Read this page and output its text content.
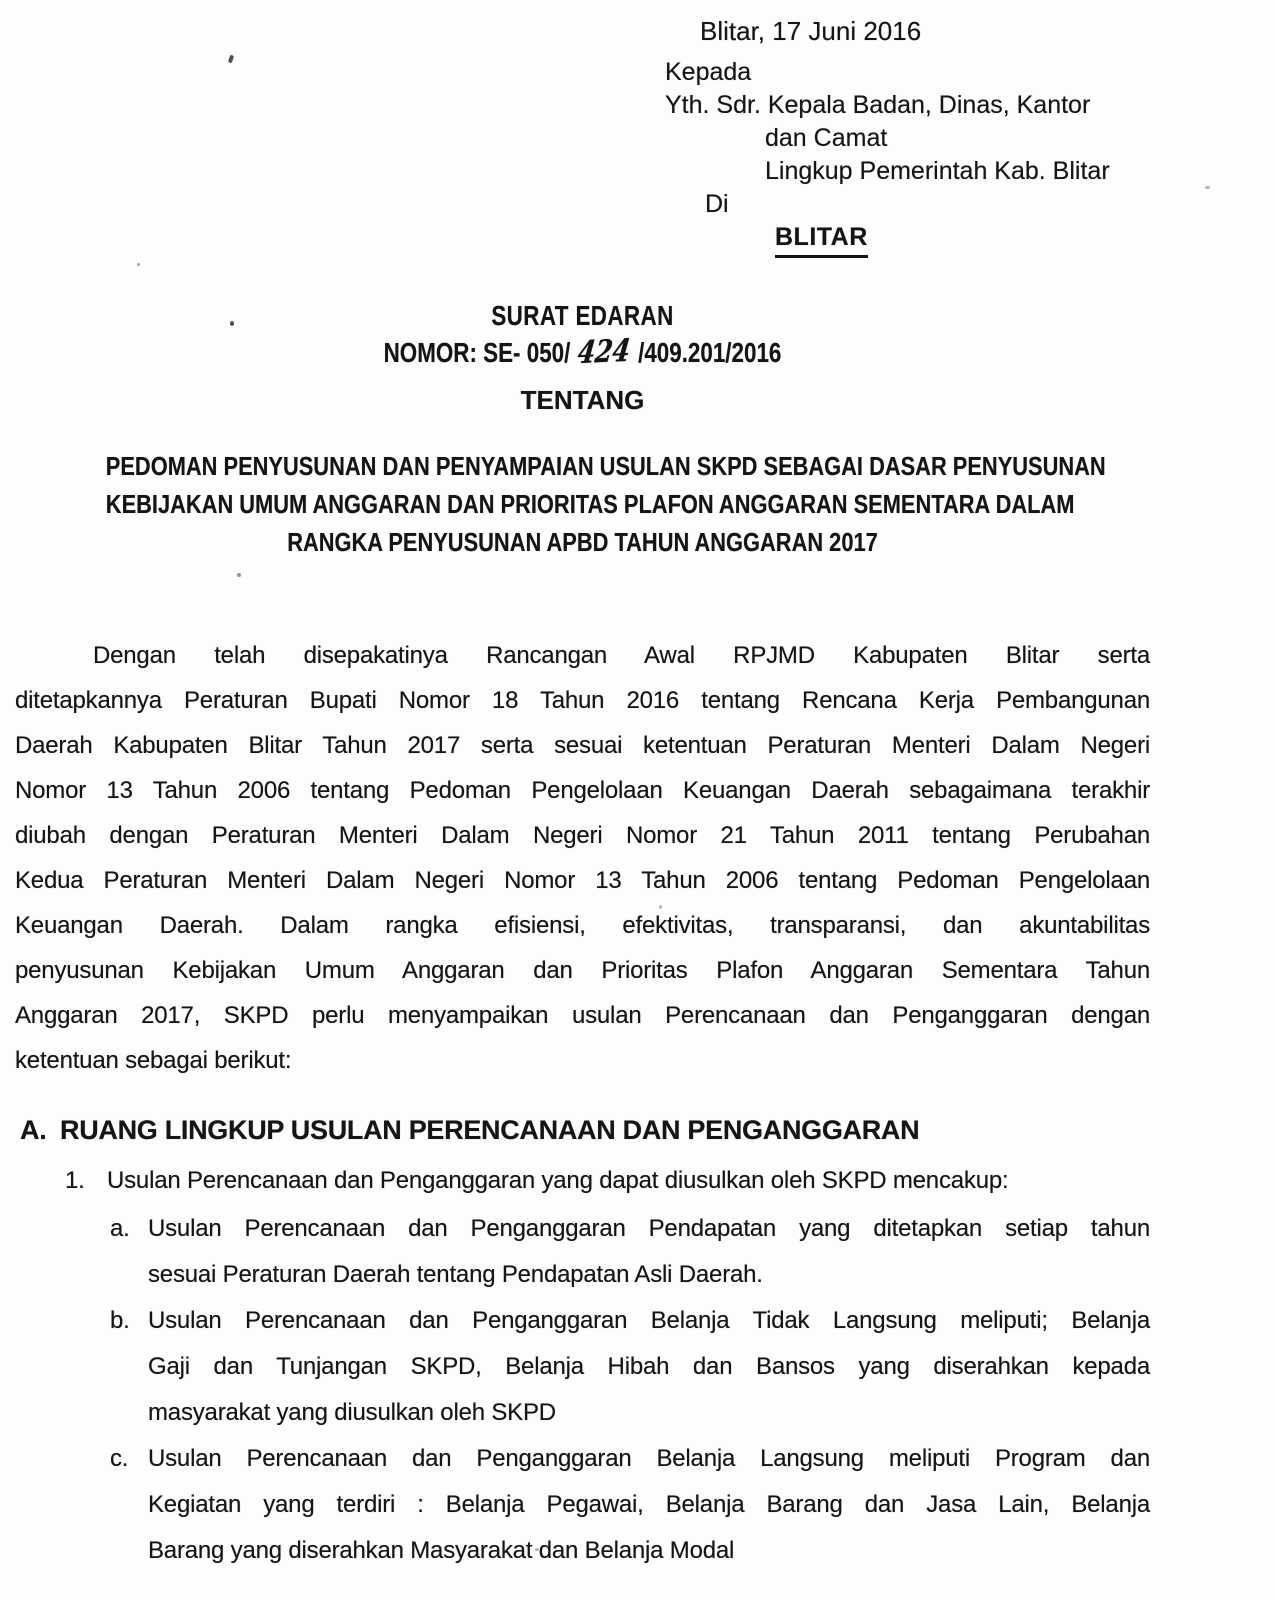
Blitar, 17 Juni 2016
Kepada
Yth. Sdr. Kepala Badan, Dinas, Kantor
dan Camat
Lingkup Pemerintah Kab. Blitar
Di
BLITAR
SURAT EDARAN
NOMOR: SE- 050/ 424 /409.201/2016
TENTANG
PEDOMAN PENYUSUNAN DAN PENYAMPAIAN USULAN SKPD SEBAGAI DASAR PENYUSUNAN
KEBIJAKAN UMUM ANGGARAN DAN PRIORITAS PLAFON ANGGARAN SEMENTARA DALAM
RANGKA PENYUSUNAN APBD TAHUN ANGGARAN 2017
Dengan telah disepakatinya Rancangan Awal RPJMD Kabupaten Blitar serta
ditetapkannya Peraturan Bupati Nomor 18 Tahun 2016 tentang Rencana Kerja Pembangunan
Daerah Kabupaten Blitar Tahun 2017 serta sesuai ketentuan Peraturan Menteri Dalam Negeri
Nomor 13 Tahun 2006 tentang Pedoman Pengelolaan Keuangan Daerah sebagaimana terakhir
diubah dengan Peraturan Menteri Dalam Negeri Nomor 21 Tahun 2011 tentang Perubahan
Kedua Peraturan Menteri Dalam Negeri Nomor 13 Tahun 2006 tentang Pedoman Pengelolaan
Keuangan Daerah. Dalam rangka efisiensi, efektivitas, transparansi, dan akuntabilitas
penyusunan Kebijakan Umum Anggaran dan Prioritas Plafon Anggaran Sementara Tahun
Anggaran 2017, SKPD perlu menyampaikan usulan Perencanaan dan Penganggaran dengan
ketentuan sebagai berikut:
A. RUANG LINGKUP USULAN PERENCANAAN DAN PENGANGGARAN
1. Usulan Perencanaan dan Penganggaran yang dapat diusulkan oleh SKPD mencakup:
a. Usulan Perencanaan dan Penganggaran Pendapatan yang ditetapkan setiap tahun
sesuai Peraturan Daerah tentang Pendapatan Asli Daerah.
b. Usulan Perencanaan dan Penganggaran Belanja Tidak Langsung meliputi; Belanja
Gaji dan Tunjangan SKPD, Belanja Hibah dan Bansos yang diserahkan kepada
masyarakat yang diusulkan oleh SKPD
c. Usulan Perencanaan dan Penganggaran Belanja Langsung meliputi Program dan
Kegiatan yang terdiri : Belanja Pegawai, Belanja Barang dan Jasa Lain, Belanja
Barang yang diserahkan Masyarakat dan Belanja Modal
